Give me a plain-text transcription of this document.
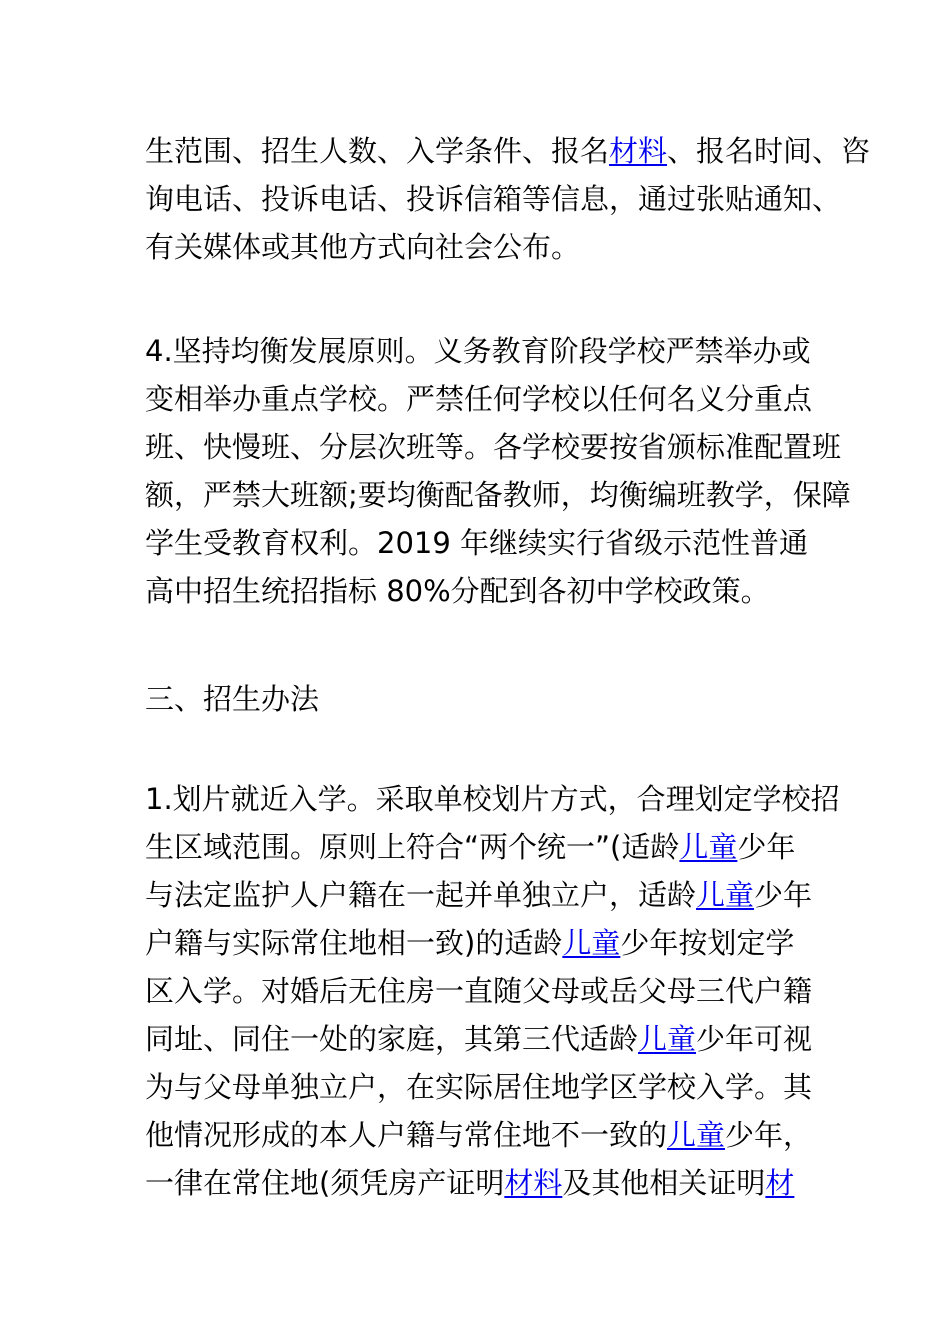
生范围、招生人数、入学条件、报名材料、报名时间、咨
询电话、投诉电话、投诉信箱等信息，通过张贴通知、
有关媒体或其他方式向社会公布。
4.坚持均衡发展原则。义务教育阶段学校严禁举办或
变相举办重点学校。严禁任何学校以任何名义分重点
班、快慢班、分层次班等。各学校要按省颁标准配置班
额，严禁大班额;要均衡配备教师，均衡编班教学，保障
学生受教育权利。2019 年继续实行省级示范性普通
高中招生统招指标 80%分配到各初中学校政策。
三、招生办法
1.划片就近入学。采取单校划片方式，合理划定学校招
生区域范围。原则上符合“两个统一”(适龄儿童少年
与法定监护人户籍在一起并单独立户，适龄儿童少年
户籍与实际常住地相一致)的适龄儿童少年按划定学
区入学。对婚后无住房一直随父母或岳父母三代户籍
同址、同住一处的家庭，其第三代适龄儿童少年可视
为与父母单独立户，在实际居住地学区学校入学。其
他情况形成的本人户籍与常住地不一致的儿童少年，
一律在常住地(须凭房产证明材料及其他相关证明材
